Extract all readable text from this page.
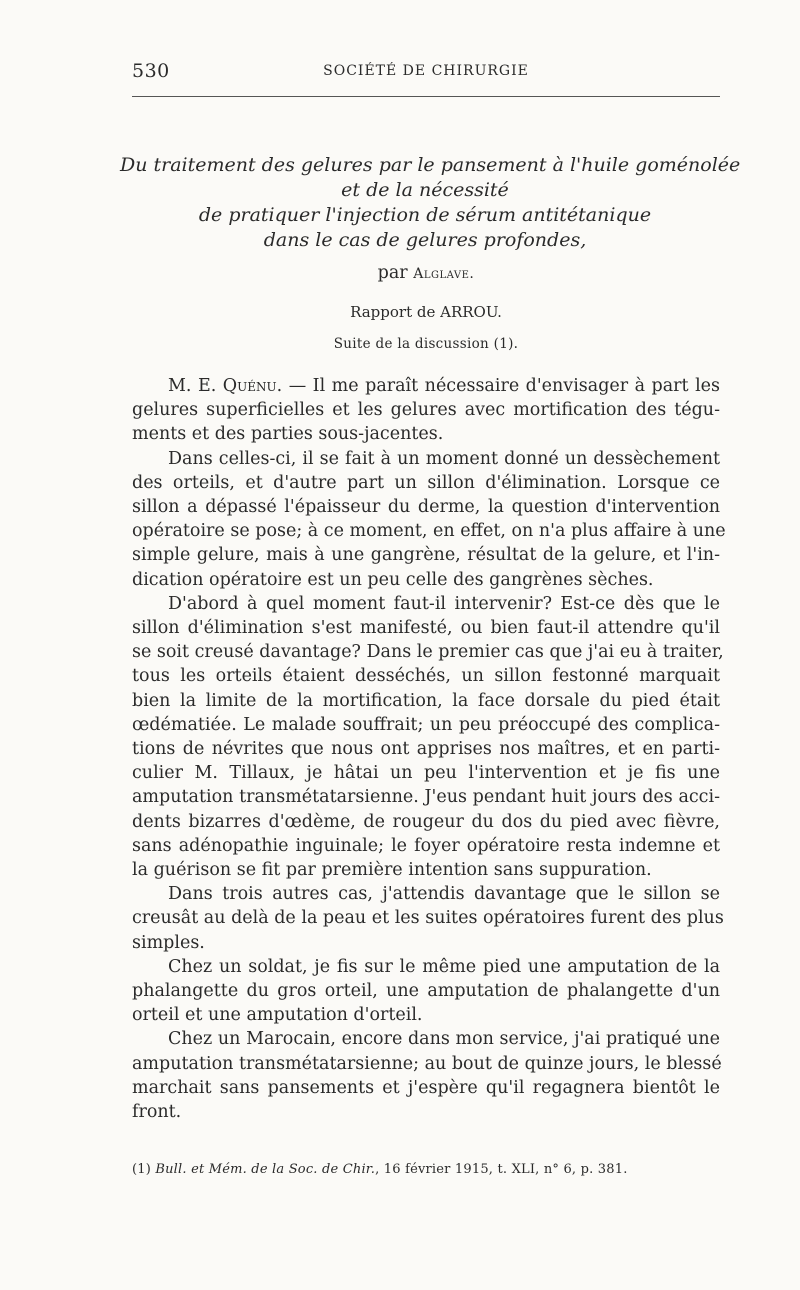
530	SOCIÉTÉ DE CHIRURGIE
Du traitement des gelures par le pansement à l'huile goménolée
et de la nécessité
de pratiquer l'injection de sérum antitétanique
dans le cas de gelures profondes,
par Alglave.
Rapport de ARROU.
Suite de la discussion (1).
M. E. Quénu. — Il me paraît nécessaire d'envisager à part les
gelures superficielles et les gelures avec mortification des tégu-
ments et des parties sous-jacentes.
Dans celles-ci, il se fait à un moment donné un dessèchement
des orteils, et d'autre part un sillon d'élimination. Lorsque ce
sillon a dépassé l'épaisseur du derme, la question d'intervention
opératoire se pose; à ce moment, en effet, on n'a plus affaire à une
simple gelure, mais à une gangrène, résultat de la gelure, et l'in-
dication opératoire est un peu celle des gangrènes sèches.
D'abord à quel moment faut-il intervenir? Est-ce dès que le
sillon d'élimination s'est manifesté, ou bien faut-il attendre qu'il
se soit creusé davantage? Dans le premier cas que j'ai eu à traiter,
tous les orteils étaient desséchés, un sillon festonné marquait
bien la limite de la mortification, la face dorsale du pied était
œdématiée. Le malade souffrait; un peu préoccupé des complica-
tions de névrites que nous ont apprises nos maîtres, et en parti-
culier M. Tillaux, je hâtai un peu l'intervention et je fis une
amputation transmétatarsienne. J'eus pendant huit jours des acci-
dents bizarres d'œdème, de rougeur du dos du pied avec fièvre,
sans adénopathie inguinale; le foyer opératoire resta indemne et
la guérison se fit par première intention sans suppuration.
Dans trois autres cas, j'attendis davantage que le sillon se
creusât au delà de la peau et les suites opératoires furent des plus
simples.
Chez un soldat, je fis sur le même pied une amputation de la
phalangette du gros orteil, une amputation de phalangette d'un
orteil et une amputation d'orteil.
Chez un Marocain, encore dans mon service, j'ai pratiqué une
amputation transmétatarsienne; au bout de quinze jours, le blessé
marchait sans pansements et j'espère qu'il regagnera bientôt le
front.
(1) Bull. et Mém. de la Soc. de Chir., 16 février 1915, t. XLI, n° 6, p. 381.
